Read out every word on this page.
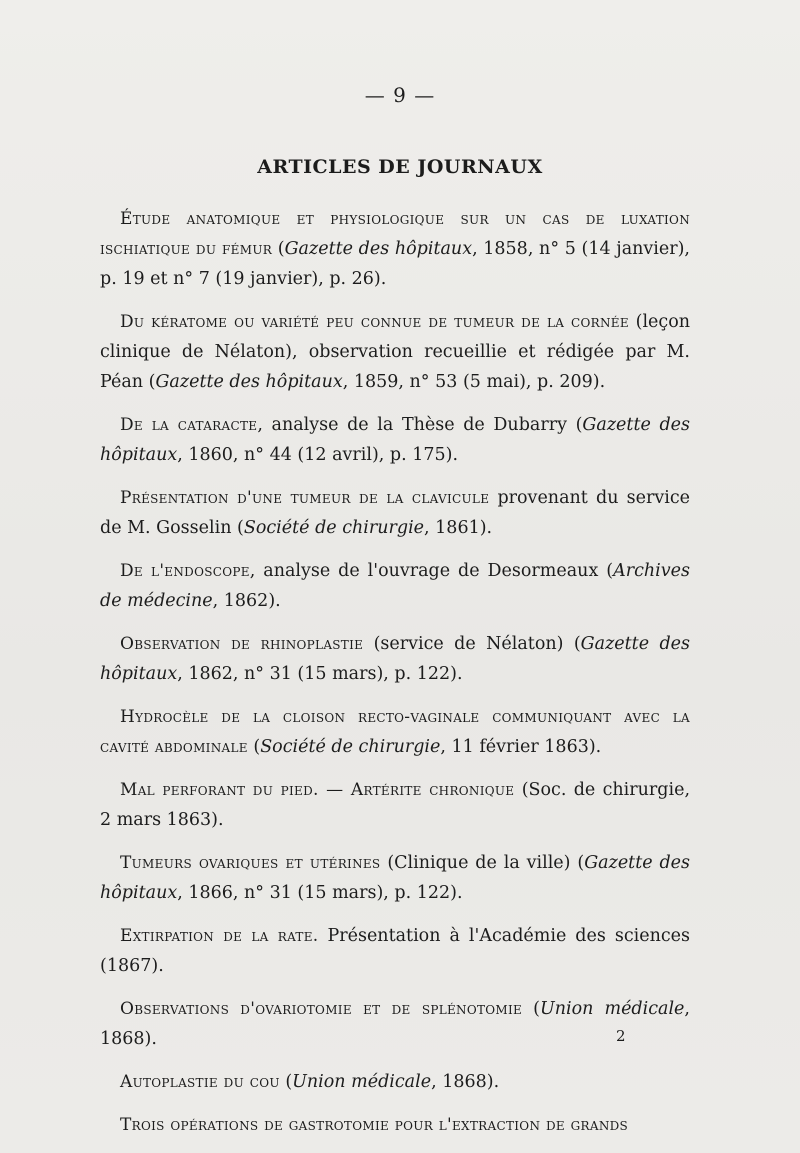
— 9 —
ARTICLES DE JOURNAUX

Étude anatomique et physiologique sur un cas de luxation ischiatique du fémur (Gazette des hôpitaux, 1858, n° 5 (14 janvier), p. 19 et n° 7 (19 janvier), p. 26).

Du kératome ou variété peu connue de tumeur de la cornée (leçon clinique de Nélaton), observation recueillie et rédigée par M. Péan (Gazette des hôpitaux, 1859, n° 53 (5 mai), p. 209).

De la cataracte, analyse de la Thèse de Dubarry (Gazette des hôpitaux, 1860, n° 44 (12 avril), p. 175).

Présentation d'une tumeur de la clavicule provenant du service de M. Gosselin (Société de chirurgie, 1861).

De l'endoscope, analyse de l'ouvrage de Desormeaux (Archives de médecine, 1862).

Observation de rhinoplastie (service de Nélaton) (Gazette des hôpitaux, 1862, n° 31 (15 mars), p. 122).

Hydrocèle de la cloison recto-vaginale communiquant avec la cavité abdominale (Société de chirurgie, 11 février 1863).

Mal perforant du pied. — Artérite chronique (Soc. de chirurgie, 2 mars 1863).

Tumeurs ovariques et utérines (Clinique de la ville) (Gazette des hôpitaux, 1866, n° 31 (15 mars), p. 122).

Extirpation de la rate. Présentation à l'Académie des sciences (1867).

Observations d'ovariotomie et de splénotomie (Union médicale, 1868).

Autoplastie du cou (Union médicale, 1868).

Trois opérations de gastrotomie pour l'extraction de grands

2
